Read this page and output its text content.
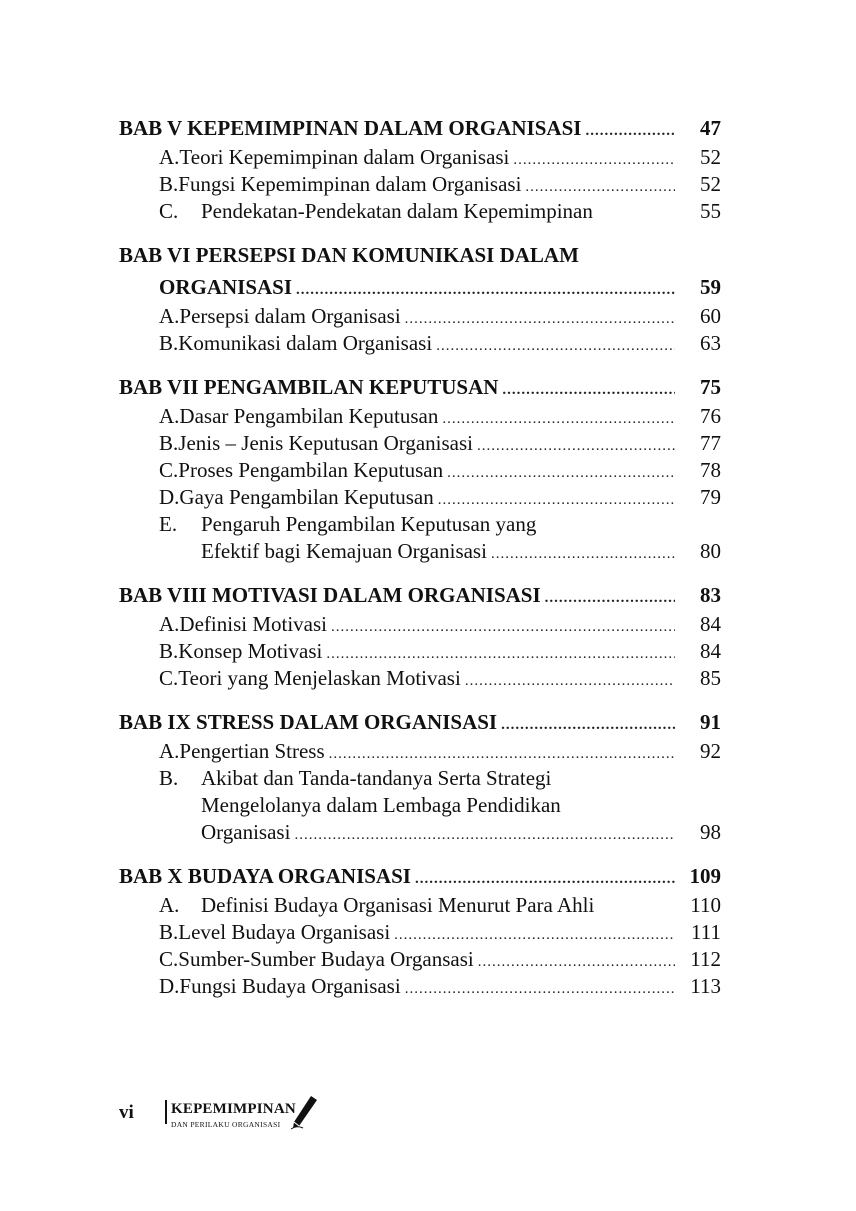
BAB V KEPEMIMPINAN DALAM ORGANISASI .....	47
A. Teori Kepemimpinan dalam Organisasi .....	52
B. Fungsi Kepemimpinan dalam Organisasi .....	52
C.	Pendekatan-Pendekatan dalam Kepemimpinan	55
BAB VI PERSEPSI DAN KOMUNIKASI DALAM
ORGANISASI .....	59
A. Persepsi dalam Organisasi .....	60
B. Komunikasi dalam Organisasi .....	63
BAB VII PENGAMBILAN KEPUTUSAN .....	75
A. Dasar Pengambilan Keputusan .....	76
B. Jenis – Jenis Keputusan Organisasi .....	77
C. Proses Pengambilan Keputusan .....	78
D. Gaya Pengambilan Keputusan .....	79
E. Pengaruh Pengambilan Keputusan yang
Efektif bagi Kemajuan Organisasi .....	80
BAB VIII MOTIVASI DALAM ORGANISASI .....	83
A. Definisi Motivasi .....	84
B. Konsep Motivasi .....	84
C. Teori yang Menjelaskan Motivasi .....	85
BAB IX STRESS DALAM ORGANISASI .....	91
A. Pengertian Stress .....	92
B. Akibat dan Tanda-tandanya Serta Strategi
Mengelolanya dalam Lembaga Pendidikan
Organisasi .....	98
BAB X BUDAYA ORGANISASI .....	109
A.	Definisi Budaya Organisasi Menurut Para Ahli	110
B. Level Budaya Organisasi .....	111
C. Sumber-Sumber Budaya Organsasi .....	112
D. Fungsi Budaya Organisasi .....	113
vi KEPEMIMPINAN
DAN PERILAKU ORGANISASI
